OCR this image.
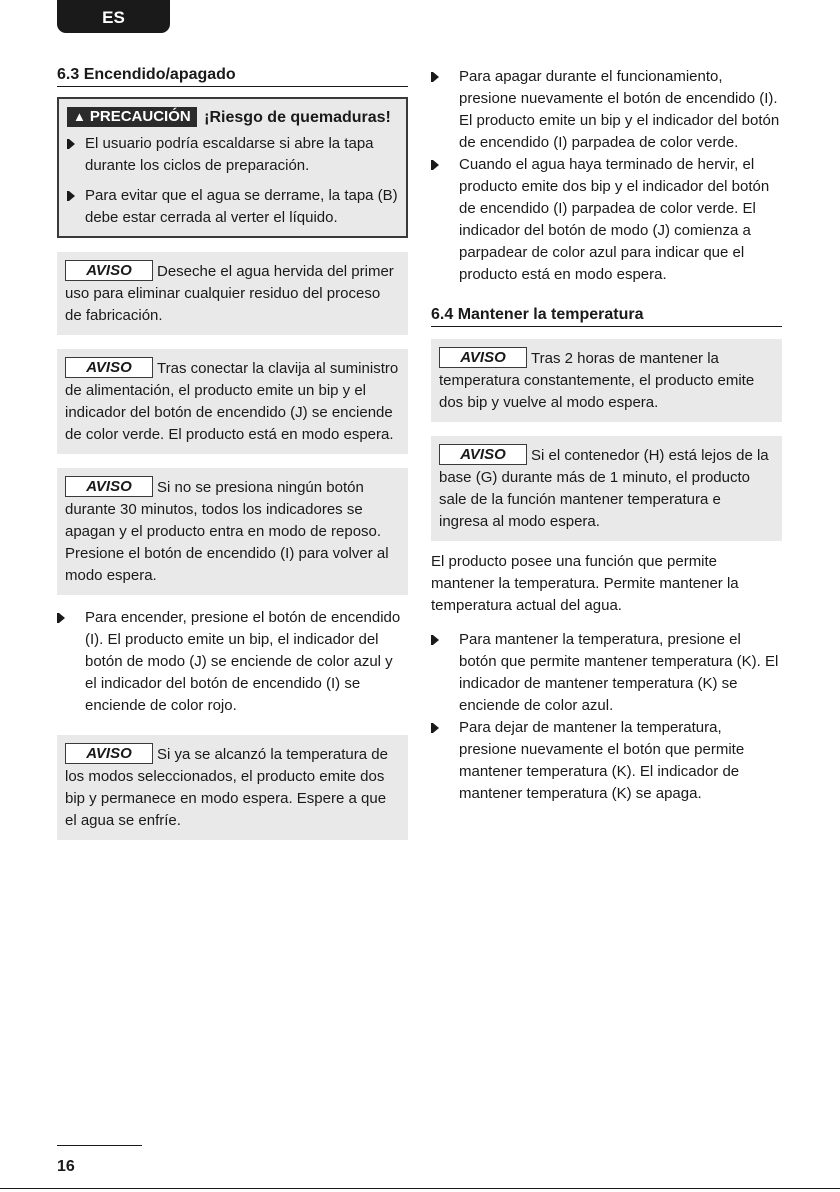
ES
6.3 Encendido/apagado
▲ PRECAUCIÓN ¡Riesgo de quemaduras!
El usuario podría escaldarse si abre la tapa durante los ciclos de preparación.
Para evitar que el agua se derrame, la tapa (B) debe estar cerrada al verter el líquido.
AVISO Deseche el agua hervida del primer uso para eliminar cualquier residuo del proceso de fabricación.
AVISO Tras conectar la clavija al suministro de alimentación, el producto emite un bip y el indicador del botón de encendido (J) se enciende de color verde. El producto está en modo espera.
AVISO Si no se presiona ningún botón durante 30 minutos, todos los indicadores se apagan y el producto entra en modo de reposo. Presione el botón de encendido (I) para volver al modo espera.
Para encender, presione el botón de encendido (I). El producto emite un bip, el indicador del botón de modo (J) se enciende de color azul y el indicador del botón de encendido (I) se enciende de color rojo.
AVISO Si ya se alcanzó la temperatura de los modos seleccionados, el producto emite dos bip y permanece en modo espera. Espere a que el agua se enfríe.
Para apagar durante el funcionamiento, presione nuevamente el botón de encendido (I). El producto emite un bip y el indicador del botón de encendido (I) parpadea de color verde.
Cuando el agua haya terminado de hervir, el producto emite dos bip y el indicador del botón de encendido (I) parpadea de color verde. El indicador del botón de modo (J) comienza a parpadear de color azul para indicar que el producto está en modo espera.
6.4 Mantener la temperatura
AVISO Tras 2 horas de mantener la temperatura constantemente, el producto emite dos bip y vuelve al modo espera.
AVISO Si el contenedor (H) está lejos de la base (G) durante más de 1 minuto, el producto sale de la función mantener temperatura e ingresa al modo espera.

El producto posee una función que permite mantener la temperatura. Permite mantener la temperatura actual del agua.

Para mantener la temperatura, presione el botón que permite mantener temperatura (K). El indicador de mantener temperatura (K) se enciende de color azul.
Para dejar de mantener la temperatura, presione nuevamente el botón que permite mantener temperatura (K). El indicador de mantener temperatura (K) se apaga.
16
